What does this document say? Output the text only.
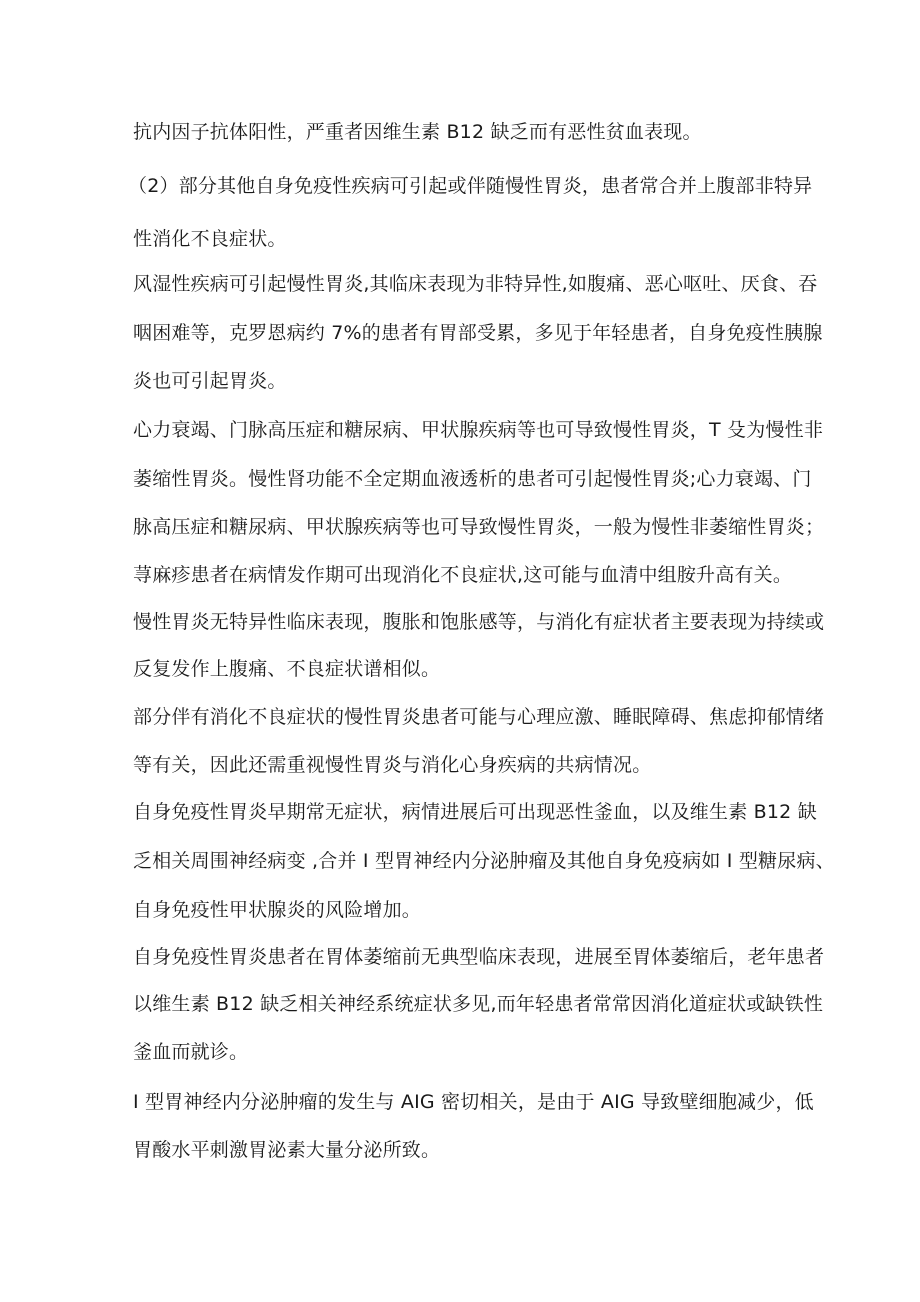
抗内因子抗体阳性，严重者因维生素 B12 缺乏而有恶性贫血表现。
（2）部分其他自身免疫性疾病可引起或伴随慢性胃炎，患者常合并上腹部非特异
性消化不良症状。
风湿性疾病可引起慢性胃炎,其临床表现为非特异性,如腹痛、恶心呕吐、厌食、吞
咽困难等，克罗恩病约 7%的患者有胃部受累，多见于年轻患者，自身免疫性胰腺
炎也可引起胃炎。
心力衰竭、门脉高压症和糖尿病、甲状腺疾病等也可导致慢性胃炎，T 殳为慢性非
萎缩性胃炎。慢性肾功能不全定期血液透析的患者可引起慢性胃炎;心力衰竭、门
脉高压症和糖尿病、甲状腺疾病等也可导致慢性胃炎，一般为慢性非萎缩性胃炎；
荨麻疹患者在病情发作期可出现消化不良症状,这可能与血清中组胺升高有关。
慢性胃炎无特异性临床表现，腹胀和饱胀感等，与消化有症状者主要表现为持续或
反复发作上腹痛、不良症状谱相似。
部分伴有消化不良症状的慢性胃炎患者可能与心理应激、睡眠障碍、焦虑抑郁情绪
等有关，因此还需重视慢性胃炎与消化心身疾病的共病情况。
自身免疫性胃炎早期常无症状，病情进展后可出现恶性釜血，以及维生素 B12 缺
乏相关周围神经病变 ,合并 I 型胃神经内分泌肿瘤及其他自身免疫病如 I 型糖尿病、
自身免疫性甲状腺炎的风险增加。
自身免疫性胃炎患者在胃体萎缩前无典型临床表现，进展至胃体萎缩后，老年患者
以维生素 B12 缺乏相关神经系统症状多见,而年轻患者常常因消化道症状或缺铁性
釜血而就诊。
I 型胃神经内分泌肿瘤的发生与 AIG 密切相关，是由于 AIG 导致壁细胞减少，低
胃酸水平刺激胃泌素大量分泌所致。
